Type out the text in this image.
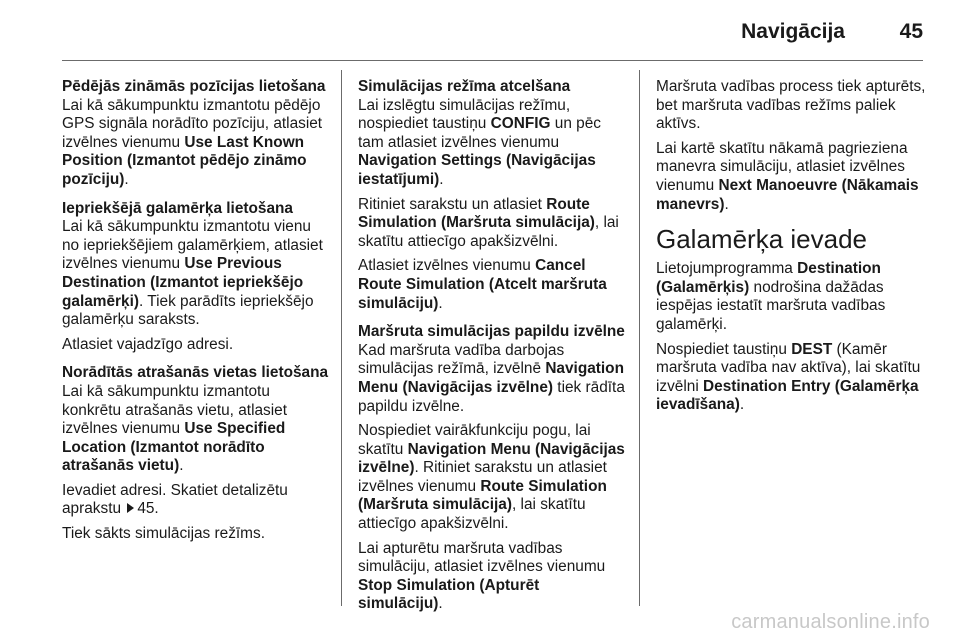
Navigācija	45

Pēdējās zināmās pozīcijas lietošana
Lai kā sākumpunktu izmantotu pēdējo GPS signāla norādīto pozīciju, atlasiet izvēlnes vienumu Use Last Known Position (Izmantot pēdējo zināmo pozīciju).

Iepriekšējā galamērķa lietošana
Lai kā sākumpunktu izmantotu vienu no iepriekšējiem galamērķiem, atlasiet izvēlnes vienumu Use Previous Destination (Izmantot iepriekšējo galamērķi). Tiek parādīts iepriekšējo galamērķu saraksts.

Atlasiet vajadzīgo adresi.

Norādītās atrašanās vietas lietošana
Lai kā sākumpunktu izmantotu konkrētu atrašanās vietu, atlasiet izvēlnes vienumu Use Specified Location (Izmantot norādīto atrašanās vietu).

Ievadiet adresi. Skatiet detalizētu aprakstu 45.

Tiek sākts simulācijas režīms.

Simulācijas režīma atcelšana
Lai izslēgtu simulācijas režīmu, nospiediet taustiņu CONFIG un pēc tam atlasiet izvēlnes vienumu Navigation Settings (Navigācijas iestatījumi).

Ritiniet sarakstu un atlasiet Route Simulation (Maršruta simulācija), lai skatītu attiecīgo apakšizvēlni.

Atlasiet izvēlnes vienumu Cancel Route Simulation (Atcelt maršruta simulāciju).

Maršruta simulācijas papildu izvēlne
Kad maršruta vadība darbojas simulācijas režīmā, izvēlnē Navigation Menu (Navigācijas izvēlne) tiek rādīta papildu izvēlne.

Nospiediet vairākfunkciju pogu, lai skatītu Navigation Menu (Navigācijas izvēlne). Ritiniet sarakstu un atlasiet izvēlnes vienumu Route Simulation (Maršruta simulācija), lai skatītu attiecīgo apakšizvēlni.

Lai apturētu maršruta vadības simulāciju, atlasiet izvēlnes vienumu Stop Simulation (Apturēt simulāciju).

Maršruta vadības process tiek apturēts, bet maršruta vadības režīms paliek aktīvs.

Lai kartē skatītu nākamā pagrieziena manevra simulāciju, atlasiet izvēlnes vienumu Next Manoeuvre (Nākamais manevrs).

Galamērķa ievade

Lietojumprogramma Destination (Galamērķis) nodrošina dažādas iespējas iestatīt maršruta vadības galamērķi.

Nospiediet taustiņu DEST (Kamēr maršruta vadība nav aktīva), lai skatītu izvēlni Destination Entry (Galamērķa ievadīšana).

carmanualsonline.info
